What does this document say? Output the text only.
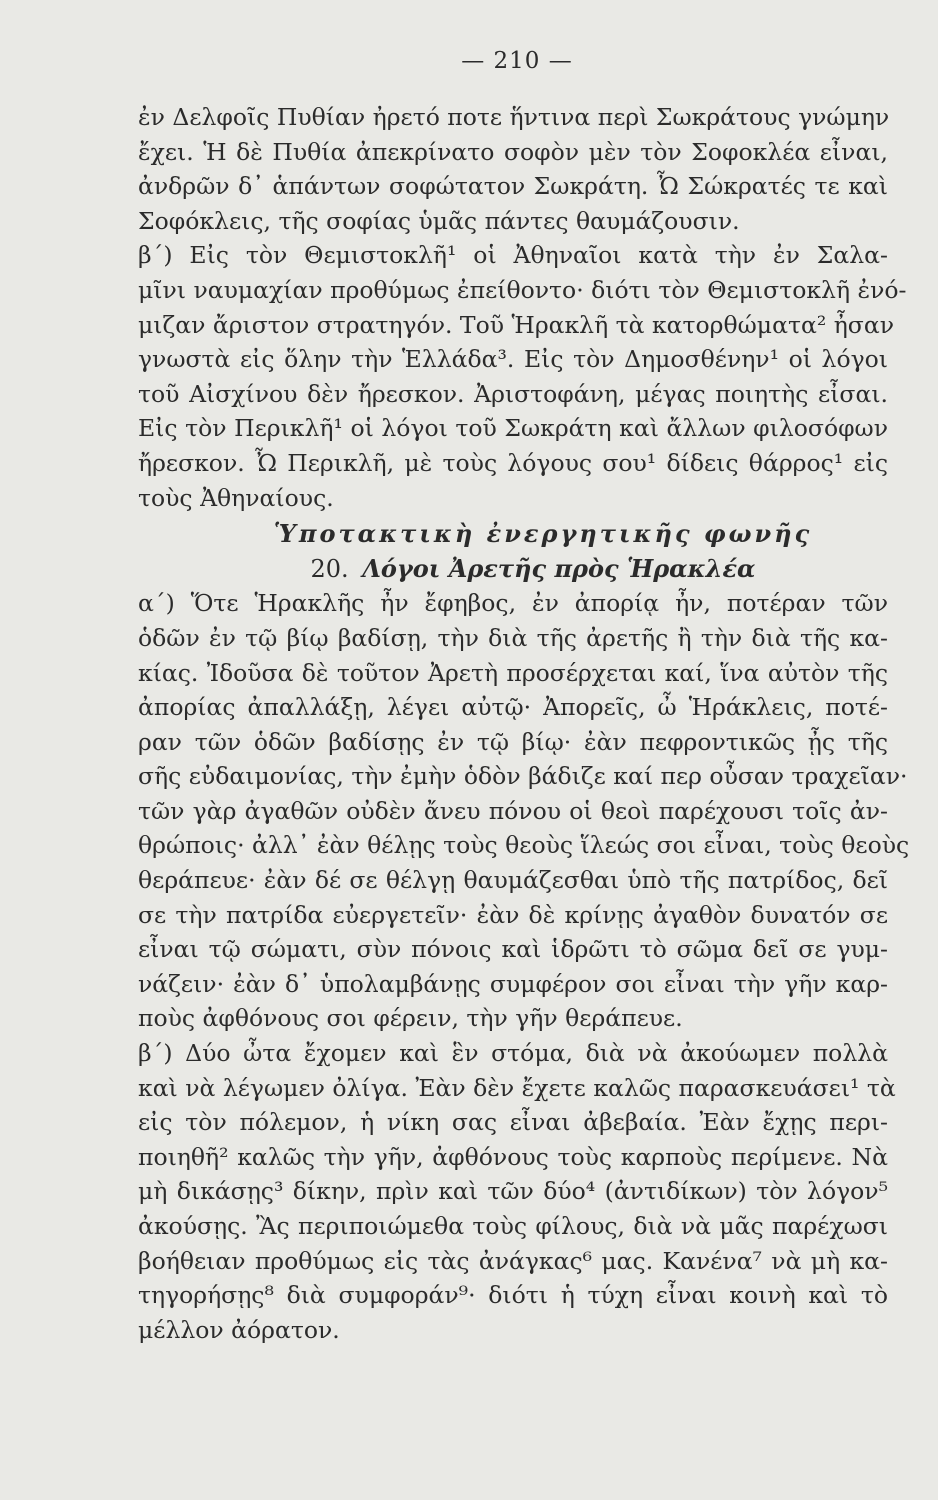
— 210 —
ἐν Δελφοῖς Πυθίαν ἠρετό ποτε ἥντινα περὶ Σωκράτους γνώμην
ἔχει. Ἡ δὲ Πυθία ἀπεκρίνατο σοφὸν μὲν τὸν Σοφοκλέα εἶναι,
ἀνδρῶν δ᾽ ἁπάντων σοφώτατον Σωκράτη. Ὦ Σώκρατές τε καὶ
Σοφόκλεις, τῆς σοφίας ὑμᾶς πάντες θαυμάζουσιν.
β΄) Εἰς τὸν Θεμιστοκλῆ¹ οἱ Ἀθηναῖοι κατὰ τὴν ἐν Σαλα-
μῖνι ναυμαχίαν προθύμως ἐπείθοντο· διότι τὸν Θεμιστοκλῆ ἐνό-
μιζαν ἄριστον στρατηγόν. Τοῦ Ἡρακλῆ τὰ κατορθώματα² ἦσαν
γνωστὰ εἰς ὅλην τὴν Ἑλλάδα³. Εἰς τὸν Δημοσθένην¹ οἱ λόγοι
τοῦ Αἰσχίνου δὲν ἤρεσκον. Ἀριστοφάνη, μέγας ποιητὴς εἶσαι.
Εἰς τὸν Περικλῆ¹ οἱ λόγοι τοῦ Σωκράτη καὶ ἄλλων φιλοσόφων
ἤρεσκον. Ὦ Περικλῆ, μὲ τοὺς λόγους σου¹ δίδεις θάρρος¹ εἰς
τοὺς Ἀθηναίους.
Ὑποτακτικὴ ἐνεργητικῆς φωνῆς
20. Λόγοι Ἀρετῆς πρὸς Ἡρακλέα
α΄) Ὅτε Ἡρακλῆς ἦν ἔφηβος, ἐν ἀπορίᾳ ἦν, ποτέραν τῶν
ὁδῶν ἐν τῷ βίῳ βαδίσῃ, τὴν διὰ τῆς ἀρετῆς ἢ τὴν διὰ τῆς κα-
κίας. Ἰδοῦσα δὲ τοῦτον Ἀρετὴ προσέρχεται καί, ἵνα αὐτὸν τῆς
ἀπορίας ἀπαλλάξῃ, λέγει αὐτῷ· Ἀπορεῖς, ὦ Ἡράκλεις, ποτέ-
ραν τῶν ὁδῶν βαδίσῃς ἐν τῷ βίῳ· ἐὰν πεφροντικῶς ᾖς τῆς
σῆς εὐδαιμονίας, τὴν ἐμὴν ὁδὸν βάδιζε καί περ οὖσαν τραχεῖαν·
τῶν γὰρ ἀγαθῶν οὐδὲν ἄνευ πόνου οἱ θεοὶ παρέχουσι τοῖς ἀν-
θρώποις· ἀλλ᾽ ἐὰν θέλῃς τοὺς θεοὺς ἵλεώς σοι εἶναι, τοὺς θεοὺς
θεράπευε· ἐὰν δέ σε θέλγῃ θαυμάζεσθαι ὑπὸ τῆς πατρίδος, δεῖ
σε τὴν πατρίδα εὐεργετεῖν· ἐὰν δὲ κρίνῃς ἀγαθὸν δυνατόν σε
εἶναι τῷ σώματι, σὺν πόνοις καὶ ἱδρῶτι τὸ σῶμα δεῖ σε γυμ-
νάζειν· ἐὰν δ᾽ ὑπολαμβάνῃς συμφέρον σοι εἶναι τὴν γῆν καρ-
ποὺς ἀφθόνους σοι φέρειν, τὴν γῆν θεράπευε.
β΄) Δύο ὦτα ἔχομεν καὶ ἓν στόμα, διὰ νὰ ἀκούωμεν πολλὰ
καὶ νὰ λέγωμεν ὀλίγα. Ἐὰν δὲν ἔχετε καλῶς παρασκευάσει¹ τὰ
εἰς τὸν πόλεμον, ἡ νίκη σας εἶναι ἀβεβαία. Ἐὰν ἔχῃς περι-
ποιηθῆ² καλῶς τὴν γῆν, ἀφθόνους τοὺς καρποὺς περίμενε. Νὰ
μὴ δικάσῃς³ δίκην, πρὶν καὶ τῶν δύο⁴ (ἀντιδίκων) τὸν λόγον⁵
ἀκούσῃς. Ἂς περιποιώμεθα τοὺς φίλους, διὰ νὰ μᾶς παρέχωσι
βοήθειαν προθύμως εἰς τὰς ἀνάγκας⁶ μας. Κανένα⁷ νὰ μὴ κα-
τηγορήσῃς⁸ διὰ συμφοράν⁹· διότι ἡ τύχη εἶναι κοινὴ καὶ τὸ
μέλλον ἀόρατον.
